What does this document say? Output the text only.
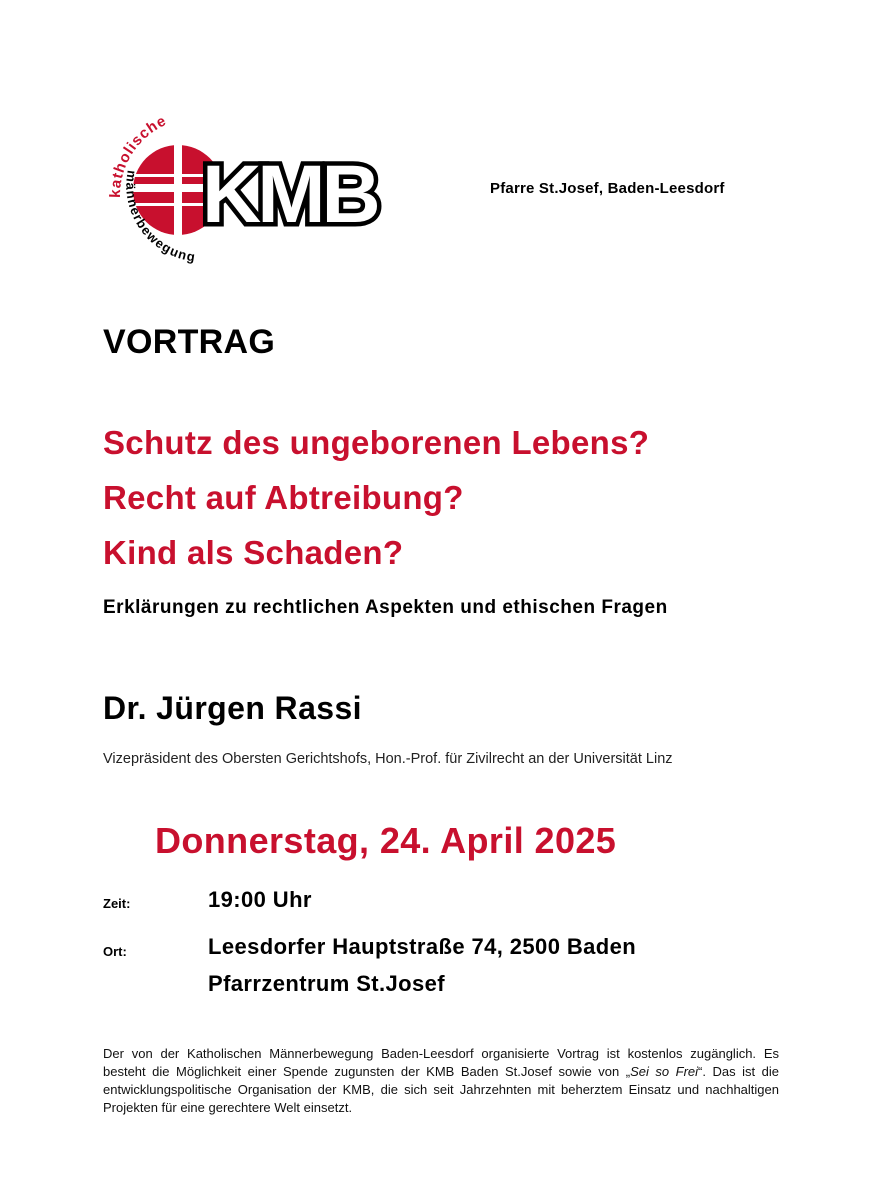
katholische
männerbewegung
KMB	Pfarre St.Josef, Baden-Leesdorf
VORTRAG
Schutz des ungeborenen Lebens?
Recht auf Abtreibung?
Kind als Schaden?
Erklärungen zu rechtlichen Aspekten und ethischen Fragen
Dr. Jürgen Rassi
Vizepräsident des Obersten Gerichtshofs, Hon.-Prof. für Zivilrecht an der Universität Linz
Donnerstag, 24. April 2025
Zeit:	19:00 Uhr
Ort:	Leesdorfer Hauptstraße 74, 2500 Baden
Pfarrzentrum St.Josef
Der von der Katholischen Männerbewegung Baden-Leesdorf organisierte Vortrag ist kostenlos zugänglich. Es besteht die Möglichkeit einer Spende zugunsten der KMB Baden St.Josef sowie von „Sei so Frei“. Das ist die entwicklungspolitische Organisation der KMB, die sich seit Jahrzehnten mit beherztem Einsatz und nachhaltigen Projekten für eine gerechtere Welt einsetzt.
